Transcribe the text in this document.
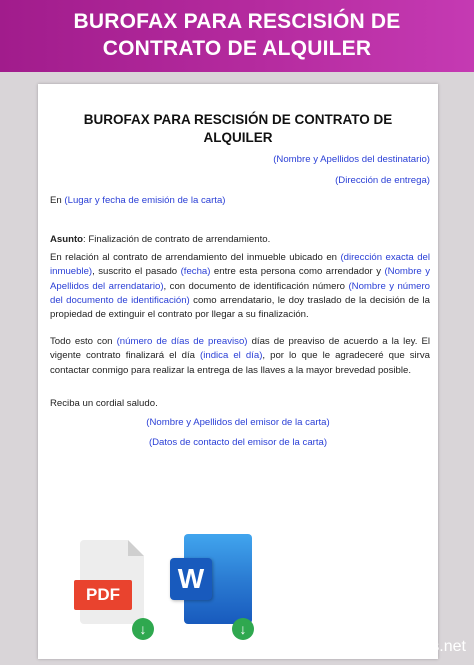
BUROFAX PARA RESCISIÓN DE
CONTRATO DE ALQUILER
BUROFAX PARA RESCISIÓN DE CONTRATO DE
ALQUILER
(Nombre y Apellidos del destinatario)
(Dirección de entrega)
En (Lugar y fecha de emisión de la carta)
Asunto: Finalización de contrato de arrendamiento.
En relación al contrato de arrendamiento del inmueble ubicado en (dirección exacta del inmueble), suscrito el pasado (fecha) entre esta persona como arrendador y (Nombre y Apellidos del arrendatario), con documento de identificación número (Nombre y número del documento de identificación) como arrendatario, le doy traslado de la decisión de la propiedad de extinguir el contrato por llegar a su finalización.
Todo esto con (número de días de preaviso) días de preaviso de acuerdo a la ley. El vigente contrato finalizará el día (indica el día), por lo que le agradeceré que sirva contactar conmigo para realizar la entrega de las llaves a la mayor brevedad posible.
Reciba un cordial saludo.
(Nombre y Apellidos del emisor de la carta)
(Datos de contacto del emisor de la carta)
PDF
↓
W
↓
Milcartas.net
